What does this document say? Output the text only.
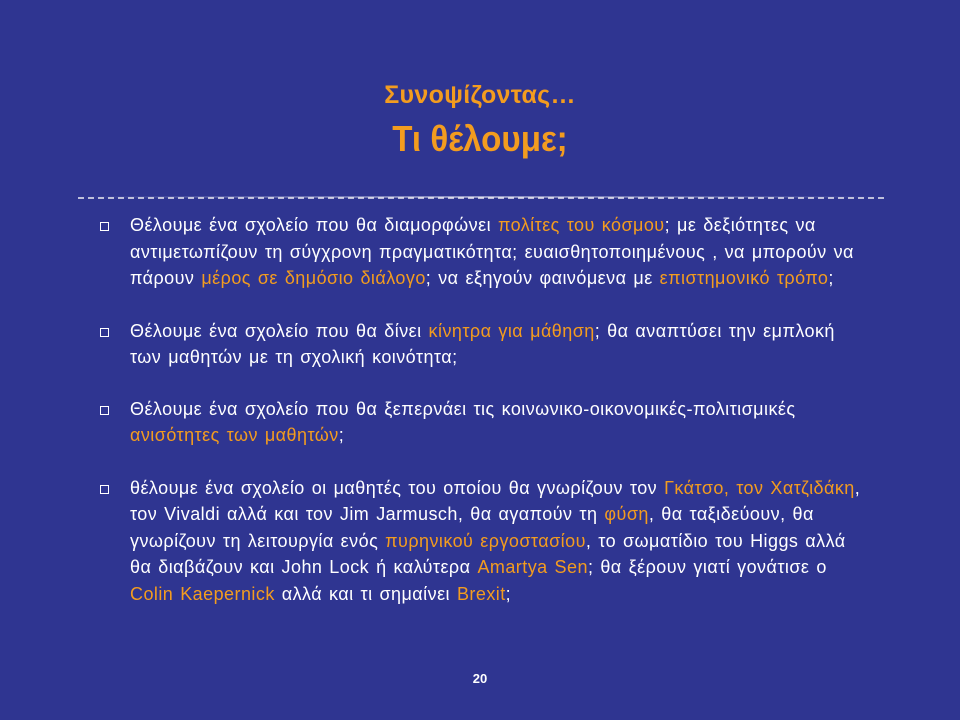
Συνοψίζοντας…
Τι θέλουμε;
Θέλουμε ένα σχολείο που θα διαμορφώνει πολίτες του κόσμου; με δεξιότητες να αντιμετωπίζουν τη σύγχρονη πραγματικότητα; ευαισθητοποιημένους , να μπορούν να πάρουν μέρος σε δημόσιο διάλογο; να εξηγούν φαινόμενα με επιστημονικό τρόπο;
Θέλουμε ένα σχολείο που θα δίνει κίνητρα για μάθηση; θα αναπτύσει την εμπλοκή των μαθητών με τη σχολική κοινότητα;
Θέλουμε ένα σχολείο που θα ξεπερνάει τις κοινωνικο-οικονομικές-πολιτισμικές ανισότητες των μαθητών;
θέλουμε ένα σχολείο οι μαθητές του οποίου θα γνωρίζουν τον Γκάτσο, τον Χατζιδάκη, τον Vivaldi αλλά και τον Jim Jarmusch, θα αγαπούν τη φύση, θα ταξιδεύουν, θα γνωρίζουν τη λειτουργία ενός πυρηνικού εργοστασίου, το σωματίδιο του Higgs αλλά θα διαβάζουν και John Lock ή καλύτερα Amartya Sen; θα ξέρουν γιατί γονάτισε ο Colin Kaepernick αλλά και τι σημαίνει Brexit;
20
